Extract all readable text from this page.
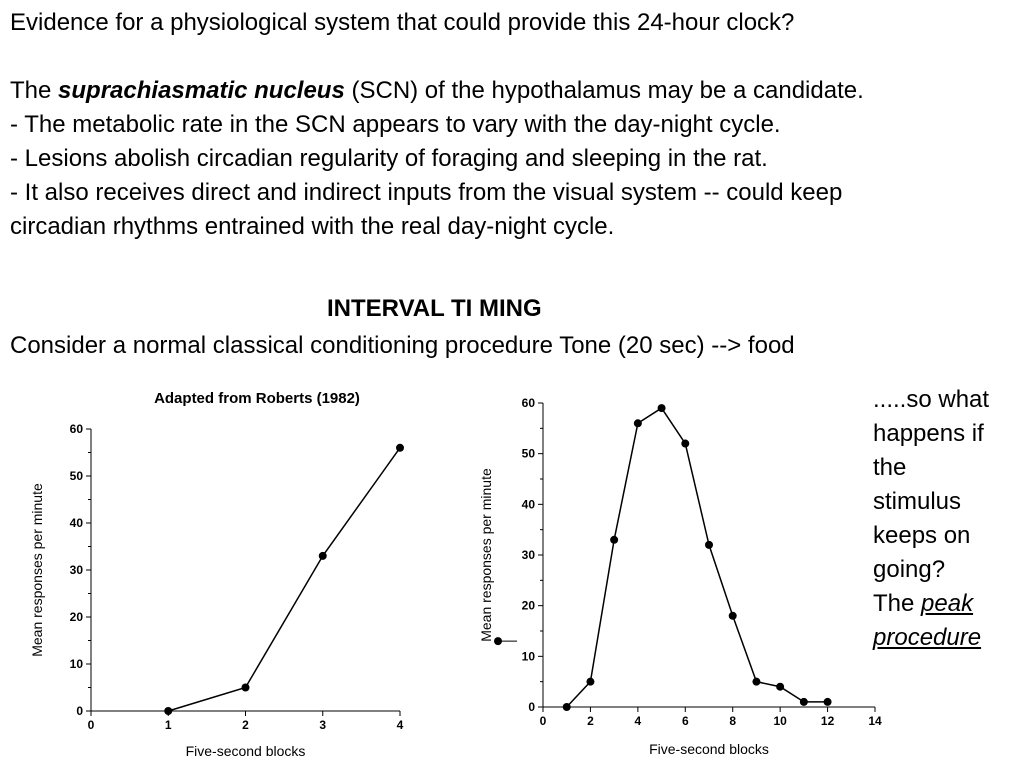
Evidence for a physiological system that could provide this 24-hour clock?
The suprachiasmatic nucleus (SCN) of the hypothalamus may be a candidate.
- The metabolic rate in the SCN appears to vary with the day-night cycle.
- Lesions abolish circadian regularity of foraging and sleeping in the rat.
- It also receives direct and indirect inputs from the visual system -- could keep
circadian rhythms entrained with the real day-night cycle.
INTERVAL TI MING
Consider a normal classical conditioning procedure Tone (20 sec) --> food
.....so what
happens if
the
stimulus
keeps on
going?
The peak
procedure
Adapted from Roberts (1982)
0
10
20
30
40
50
60
0	1	2	3	4
Five-second blocks
Mean responses per minute
0
10
20
30
40
50
60
0	2	4	6	8	10	12	14
Five-second blocks
Mean responses per minute
